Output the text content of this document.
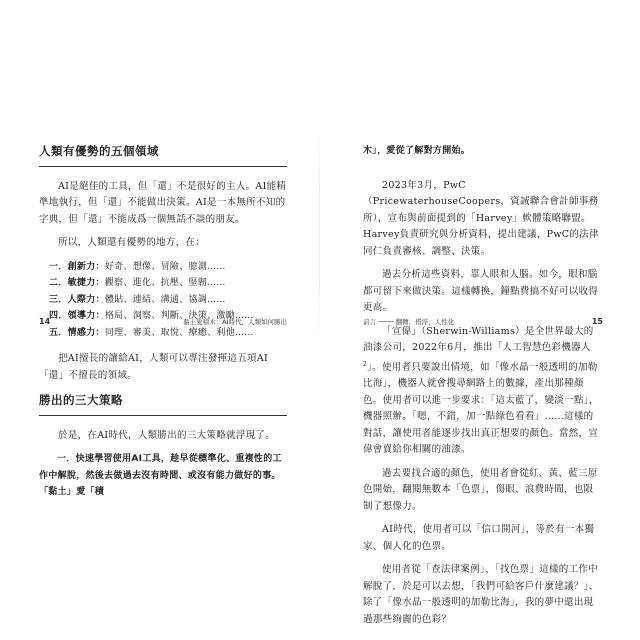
人類有優勢的五個領域

AI是絕佳的工具，但「還」不是很好的主人。AI能精準地執行，但「還」不能做出決策。AI是一本無所不知的字典，但「還」不能成爲一個無話不談的朋友。

所以，人類還有優勢的地方，在：

一．創新力： 好奇、想像、冒險、臆測……
二．敏捷力： 觀察、進化、抗壓、堅韌……
三．人際力： 體貼、連結、溝通、協調……
四．領導力： 格局、洞察、判斷、決策、激勵……
五．情感力： 同理、審美、取悅、療癒、利他……

把AI擅長的讓給AI，人類可以專注發揮這五項AI「還」不擅長的領域。

勝出的三大策略

於是，在AI時代，人類勝出的三大策略就浮現了。

一．快速學習使用AI工具，趁早從標準化、重複性的工作中解脫，然後去做過去沒有時間、或沒有能力做好的事。「黏土」愛「積

14	黏土愛積木：AI時代，人類如何勝出

木」，愛從了解對方開始。

2023年3月，PwC（PricewaterhouseCoopers，資誠聯合會計師事務所），宣布與前面提到的「Harvey」軟體策略聯盟。Harvey負責研究與分析資料，提出建議，PwC的法律同仁負責審核、調整、決策。

過去分析這些資料，靠人眼和人腦。如今，眼和腦都可留下來做決策。這樣轉換，鐘點費搞不好可以收得更高。

「宣偉」（Sherwin-Williams）是全世界最大的油漆公司，2022年6月，推出「人工智慧色彩機器人$^2$」。使用者只要說出情境，如「像水晶一般透明的加勒比海」，機器人就會搜尋網路上的數據，產出那種顏色。使用者可以進一步要求：「這太藍了，變淡一點」，機器照辦。「嗯，不錯，加一點綠色看看」……這樣的對話，讓使用者能逐步找出真正想要的顏色。當然，宣偉會賣給你相關的油漆。

過去要找合適的顏色，使用者會從紅、黃、藍三原色開始，翻閱無數本「色票」，傷眼、浪費時間，也限制了想像力。

AI時代，使用者可以「信口開河」，等於有一本獨家、個人化的色票。

使用者從「查法律案例」、「找色票」這樣的工作中解脫了，於是可以去想，「我們可給客戶什麼建議？」、除了「像水晶一般透明的加勒比海」，我的夢中還出現過那些絢麗的色彩？

前言 ──── 翻轉，借浮，人性化	15
